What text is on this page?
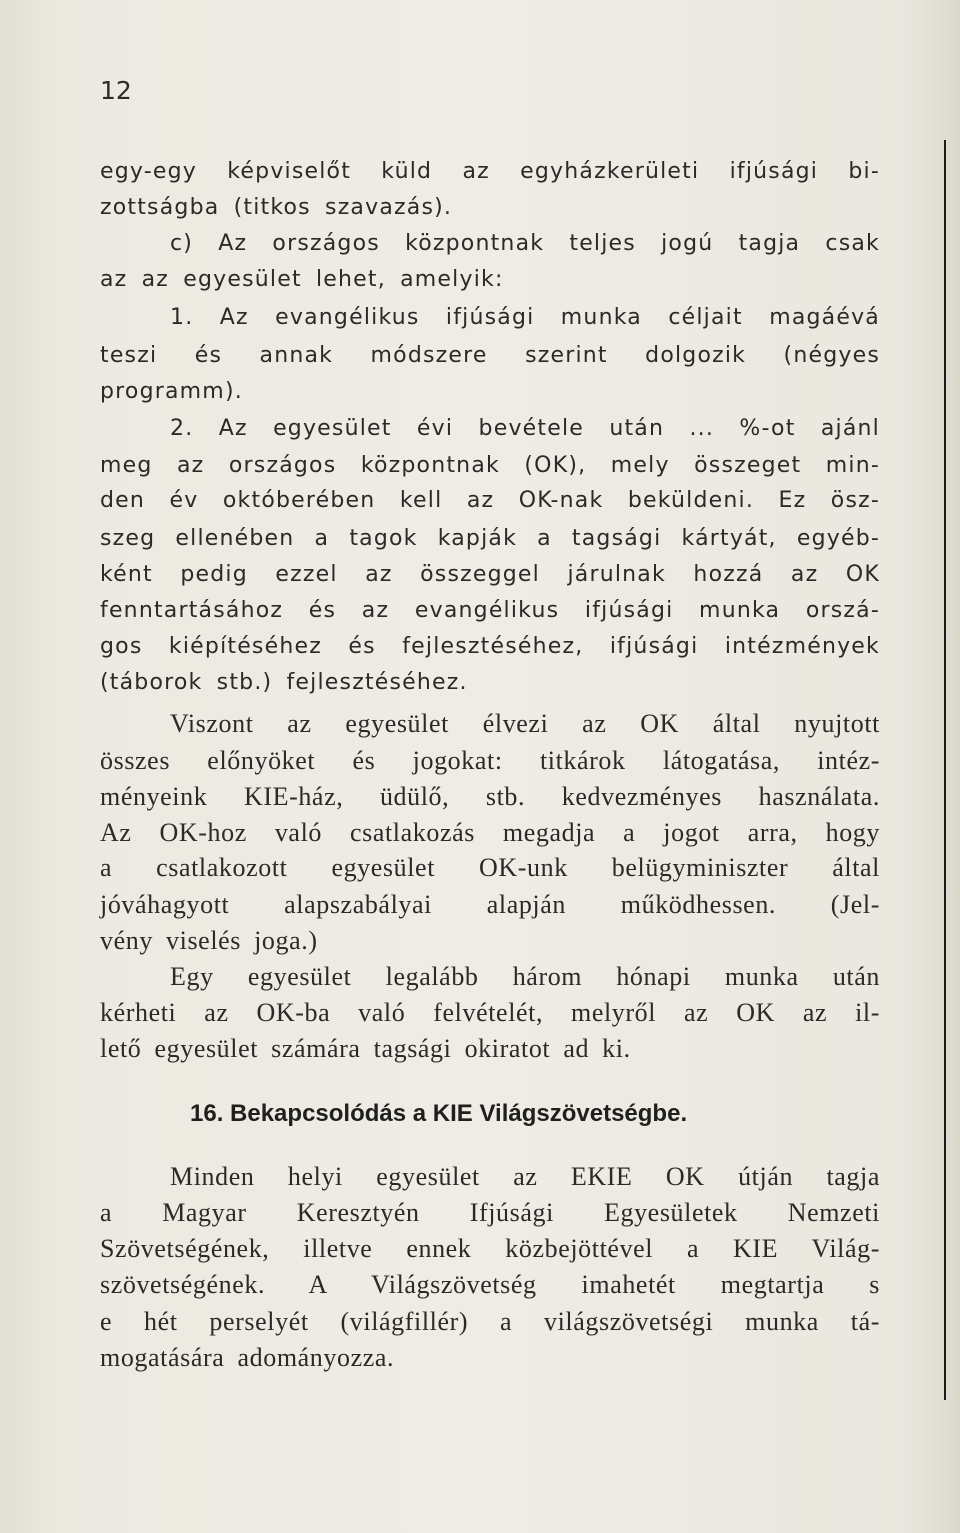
12
egy-egy képviselőt küld az egyházkerületi ifjúsági bi-
zottságba (titkos szavazás).
c) Az országos központnak teljes jogú tagja csak
az az egyesület lehet, amelyik:
1. Az evangélikus ifjúsági munka céljait magáévá
teszi és annak módszere szerint dolgozik (négyes
programm).
2. Az egyesület évi bevétele után ... %-ot ajánl
meg az országos központnak (OK), mely összeget min-
den év októberében kell az OK-nak beküldeni. Ez ösz-
szeg ellenében a tagok kapják a tagsági kártyát, egyéb-
ként pedig ezzel az összeggel járulnak hozzá az OK
fenntartásához és az evangélikus ifjúsági munka orszá-
gos kiépítéséhez és fejlesztéséhez, ifjúsági intézmények
(táborok stb.) fejlesztéséhez.
Viszont az egyesület élvezi az OK által nyujtott
összes előnyöket és jogokat: titkárok látogatása, intéz-
ményeink KIE-ház, üdülő, stb. kedvezményes használata.
Az OK-hoz való csatlakozás megadja a jogot arra, hogy
a csatlakozott egyesület OK-unk belügyminiszter által
jóváhagyott alapszabályai alapján működhessen. (Jel-
vény viselés joga.)
Egy egyesület legalább három hónapi munka után
kérheti az OK-ba való felvételét, melyről az OK az il-
lető egyesület számára tagsági okiratot ad ki.
16. Bekapcsolódás a KIE Világszövetségbe.
Minden helyi egyesület az EKIE OK útján tagja
a Magyar Keresztyén Ifjúsági Egyesületek Nemzeti
Szövetségének, illetve ennek közbejöttével a KIE Világ-
szövetségének. A Világszövetség imahetét megtartja s
e hét perselyét (világfillér) a világszövetségi munka tá-
mogatására adományozza.
